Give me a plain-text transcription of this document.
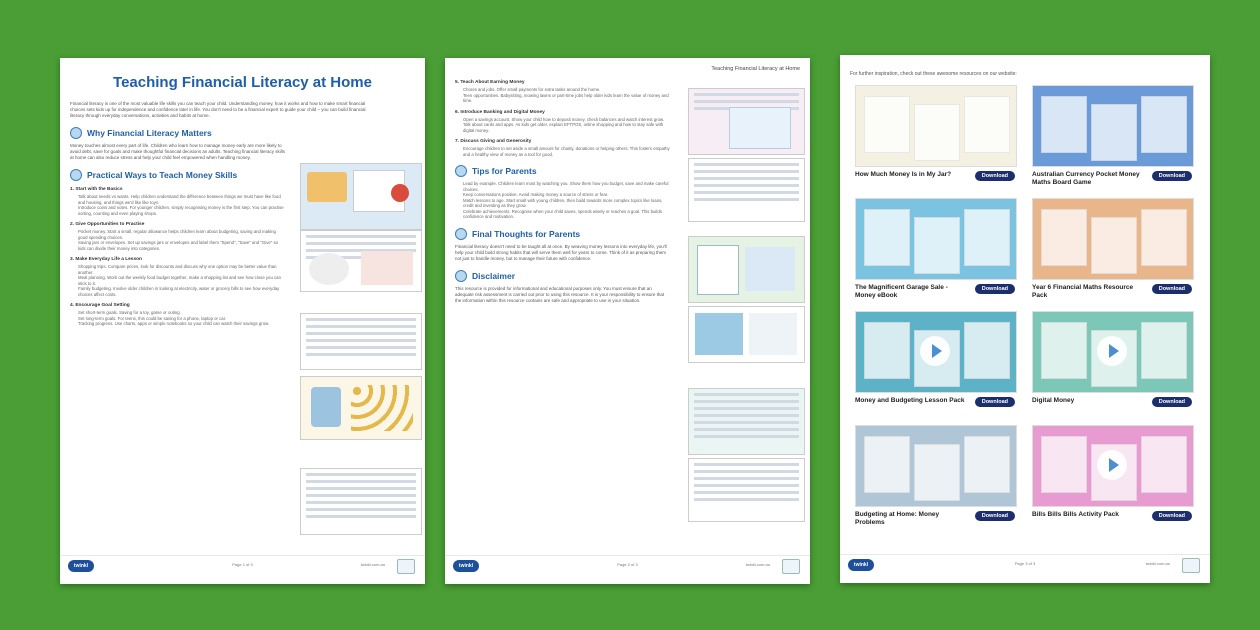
Teaching Financial Literacy at Home
Financial literacy is one of the most valuable life skills you can teach your child. Understanding money, how it works and how to make smart financial choices sets kids up for independence and confidence later in life. You don't need to be a financial expert to guide your child – you can build financial literacy through everyday conversations, activities and habits at home.
Why Financial Literacy Matters
Money touches almost every part of life. Children who learn how to manage money early are more likely to avoid debt, save for goals and make thoughtful financial decisions as adults. Teaching financial literacy skills at home can also reduce stress and help your child feel empowered when handling money.
Practical Ways to Teach Money Skills
1. Start with the Basics
Talk about needs vs wants. Help children understand the difference between things we must have like food and housing, and things we'd like like toys.
Introduce coins and notes. For younger children, simply recognising money is the first step. You can practise sorting, counting and even playing shops.
2. Give Opportunities to Practise
Pocket money. Start a small, regular allowance helps children learn about budgeting, saving and making good spending choices.
Saving jars or envelopes. Set up savings jars or envelopes and label them "Spend", "Save" and "Give" so kids can divide their money into categories.
3. Make Everyday Life a Lesson
Shopping trips. Compare prices, look for discounts and discuss why one option may be better value than another.
Meal planning. Work out the weekly food budget together, make a shopping list and see how close you can stick to it.
Family budgeting. Involve older children in looking at electricity, water or grocery bills to see how everyday choices affect costs.
4. Encourage Goal Setting
Set short-term goals. Saving for a toy, game or outing.
Set long-term goals. For teens, this could be saving for a phone, laptop or car.
Tracking progress. Use charts, apps or simple notebooks so your child can watch their savings grow.
twinkl	Page 1 of 3	twinkl.com.au
Teaching Financial Literacy at Home
5. Teach About Earning Money
Chores and jobs. Offer small payments for extra tasks around the home.
Teen opportunities. Babysitting, mowing lawns or part-time jobs help older kids learn the value of money and time.
6. Introduce Banking and Digital Money
Open a savings account. Show your child how to deposit money, check balances and watch interest grow.
Talk about cards and apps. As kids get older, explain EFTPOS, online shopping and how to stay safe with digital money.
7. Discuss Giving and Generosity
Encourage children to set aside a small amount for charity, donations or helping others. This fosters empathy and a healthy view of money as a tool for good.
Tips for Parents
Lead by example. Children learn most by watching you. Show them how you budget, save and make careful choices.
Keep conversations positive. Avoid making money a source of stress or fear.
Match lessons to age. Start small with young children, then build towards more complex topics like loans, credit and investing as they grow.
Celebrate achievements. Recognise when your child saves, spends wisely or reaches a goal. This builds confidence and motivation.
Final Thoughts for Parents
Financial literacy doesn't need to be taught all at once. By weaving money lessons into everyday life, you'll help your child build strong habits that will serve them well for years to come. Think of it as preparing them not just to handle money, but to manage their future with confidence.
Disclaimer
This resource is provided for informational and educational purposes only. You must ensure that an adequate risk assessment is carried out prior to using this resource. It is your responsibility to ensure that the information within this resource contains are safe and appropriate to use in your situation.
twinkl	Page 2 of 3	twinkl.com.au
For further inspiration, check out these awesome resources on our website:
How Much Money Is in My Jar?	Download	Australian Currency Pocket Money Maths Board Game
Download
The Magnificent Garage Sale - Money eBook
Download	Year 6 Financial Maths Resource Pack
Download
Money and Budgeting Lesson Pack	Download	Digital Money	Download
Budgeting at Home: Money Problems
Download	Bills Bills Bills Activity Pack	Download
twinkl	Page 3 of 3	twinkl.com.au
